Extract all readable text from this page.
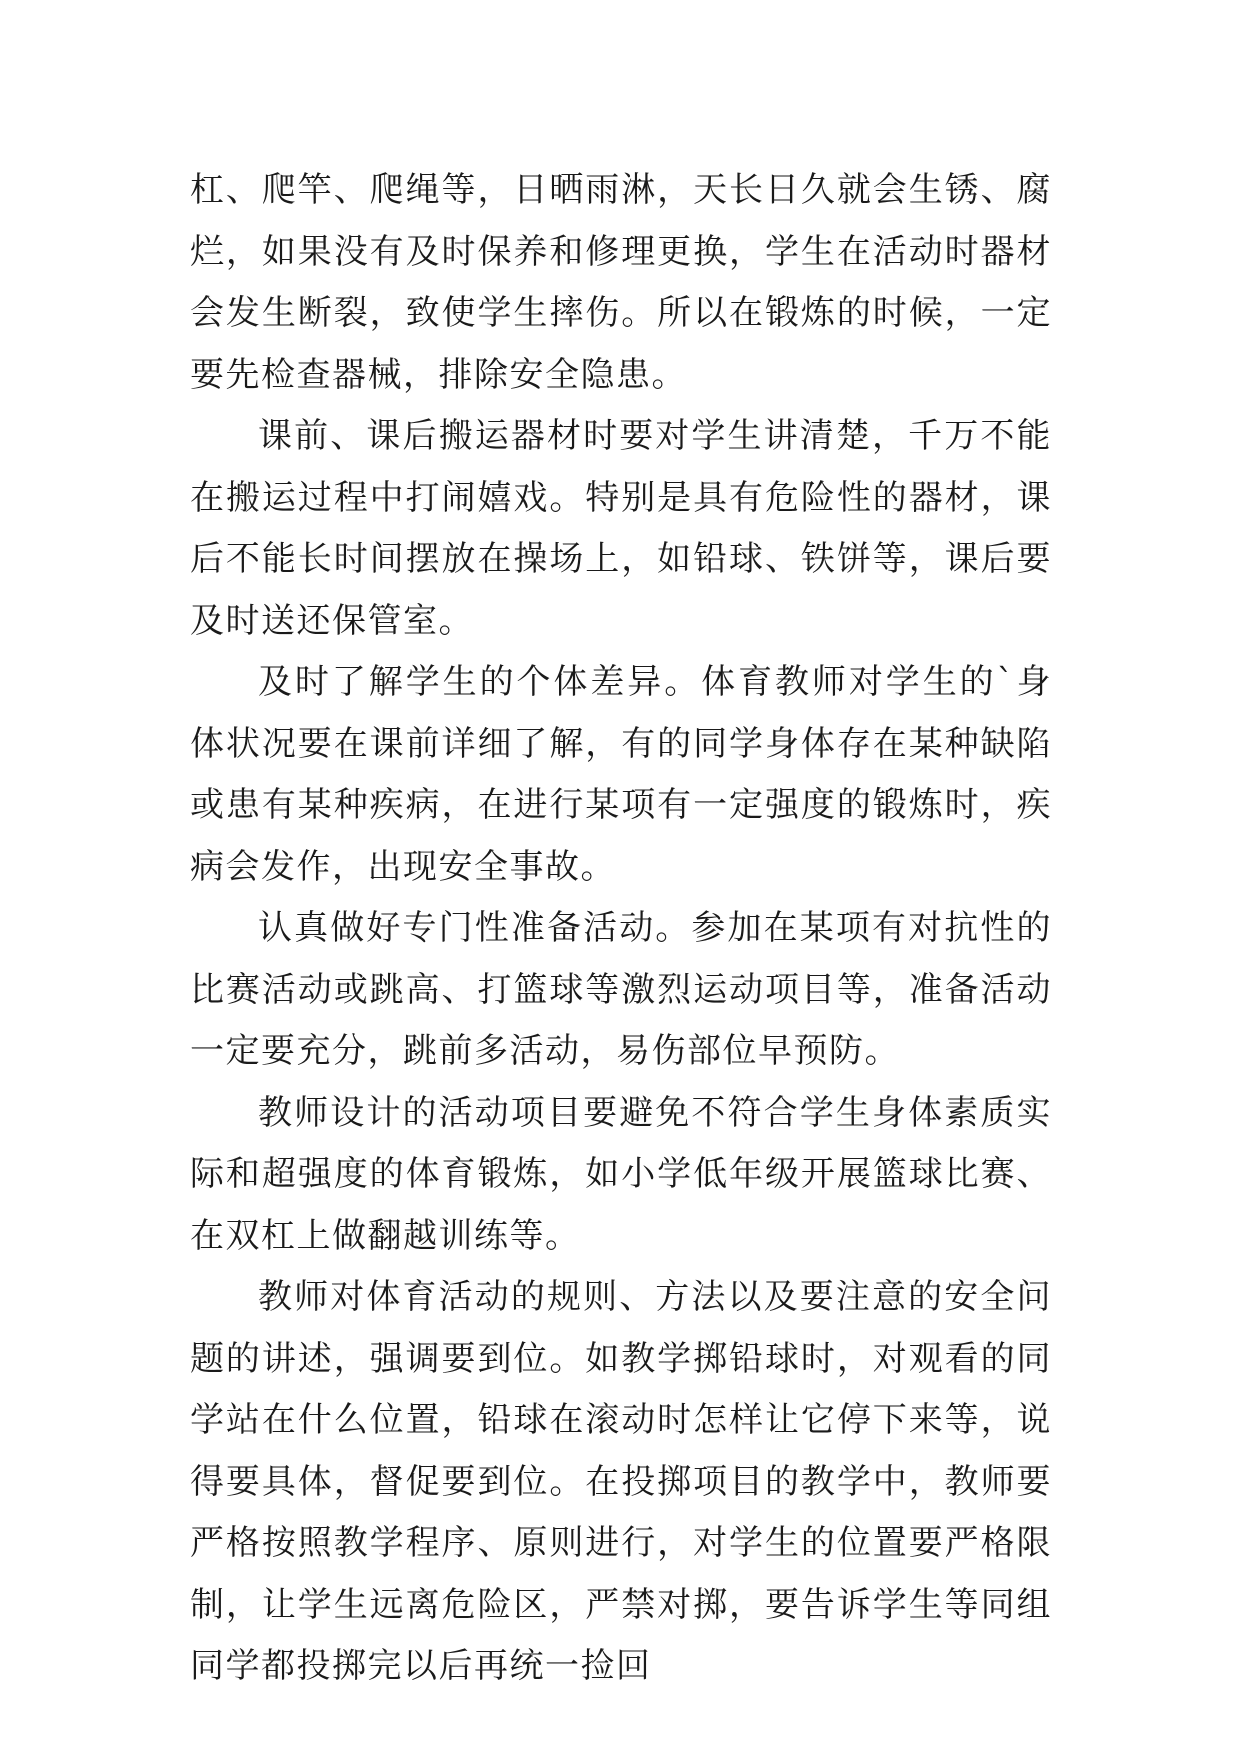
杠、爬竿、爬绳等，日晒雨淋，天长日久就会生锈、腐烂，如果没有及时保养和修理更换，学生在活动时器材会发生断裂，致使学生摔伤。所以在锻炼的时候，一定要先检查器械，排除安全隐患。

课前、课后搬运器材时要对学生讲清楚，千万不能在搬运过程中打闹嬉戏。特别是具有危险性的器材，课后不能长时间摆放在操场上，如铅球、铁饼等，课后要及时送还保管室。

及时了解学生的个体差异。体育教师对学生的`身体状况要在课前详细了解，有的同学身体存在某种缺陷或患有某种疾病，在进行某项有一定强度的锻炼时，疾病会发作，出现安全事故。

认真做好专门性准备活动。参加在某项有对抗性的比赛活动或跳高、打篮球等激烈运动项目等，准备活动一定要充分，跳前多活动，易伤部位早预防。

教师设计的活动项目要避免不符合学生身体素质实际和超强度的体育锻炼，如小学低年级开展篮球比赛、在双杠上做翻越训练等。

教师对体育活动的规则、方法以及要注意的安全问题的讲述，强调要到位。如教学掷铅球时，对观看的同学站在什么位置，铅球在滚动时怎样让它停下来等，说得要具体，督促要到位。在投掷项目的教学中，教师要严格按照教学程序、原则进行，对学生的位置要严格限制，让学生远离危险区，严禁对掷，要告诉学生等同组同学都投掷完以后再统一捡回
